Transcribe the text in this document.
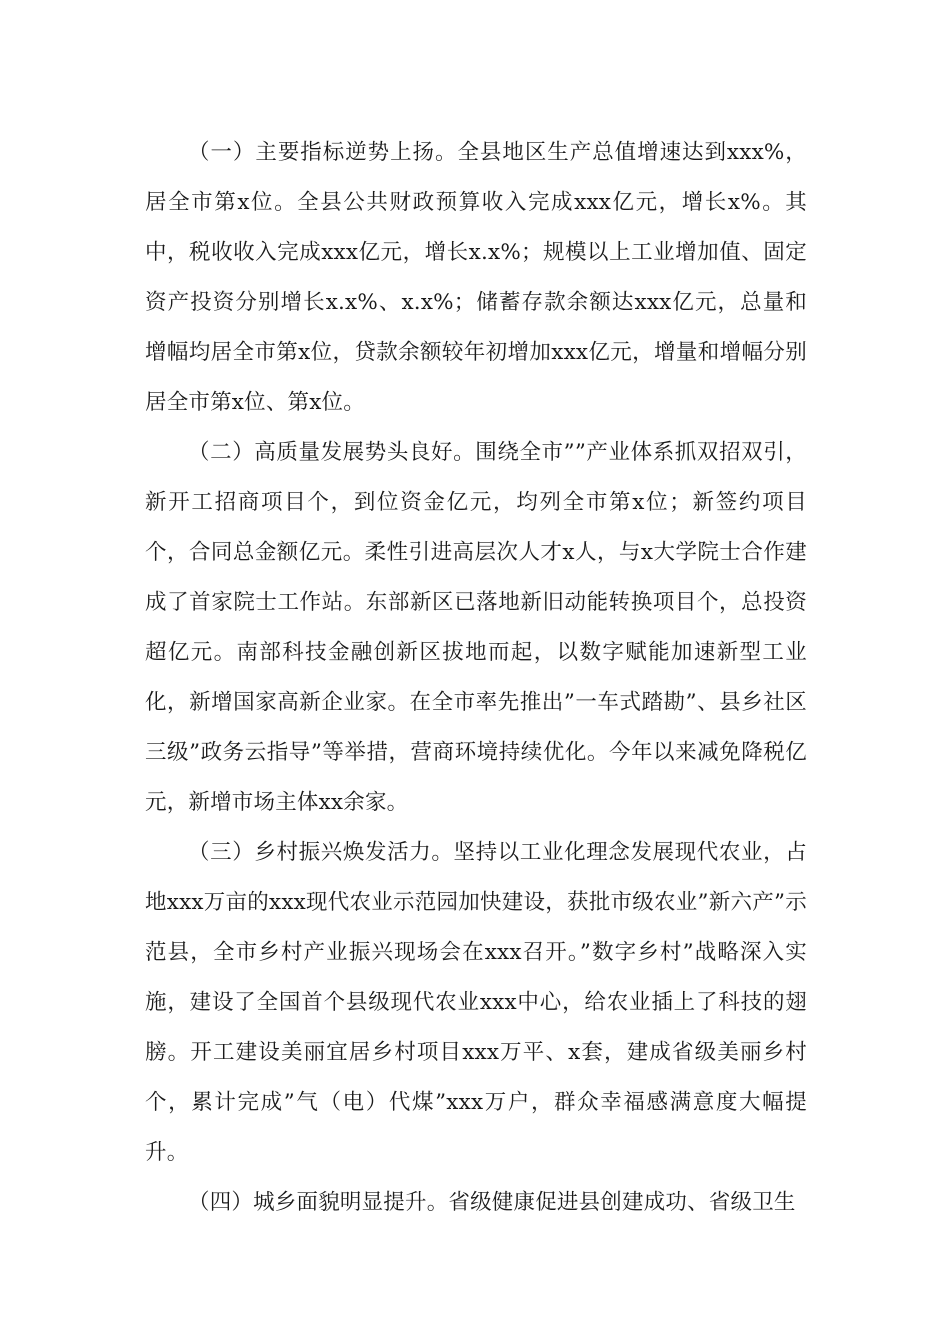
（一）主要指标逆势上扬。全县地区生产总值增速达到xxx%，居全市第x位。全县公共财政预算收入完成xxx亿元，增长x%。其中，税收收入完成xxx亿元，增长x.x%；规模以上工业增加值、固定资产投资分别增长x.x%、x.x%；储蓄存款余额达xxx亿元，总量和增幅均居全市第x位，贷款余额较年初增加xxx亿元，增量和增幅分别居全市第x位、第x位。

（二）高质量发展势头良好。围绕全市””产业体系抓双招双引，新开工招商项目个，到位资金亿元，均列全市第x位；新签约项目个，合同总金额亿元。柔性引进高层次人才x人，与x大学院士合作建成了首家院士工作站。东部新区已落地新旧动能转换项目个，总投资超亿元。南部科技金融创新区拔地而起，以数字赋能加速新型工业化，新增国家高新企业家。在全市率先推出”一车式踏勘”、县乡社区三级”政务云指导”等举措，营商环境持续优化。今年以来减免降税亿元，新增市场主体xx余家。

（三）乡村振兴焕发活力。坚持以工业化理念发展现代农业，占地xxx万亩的xxx现代农业示范园加快建设，获批市级农业”新六产”示范县，全市乡村产业振兴现场会在xxx召开。”数字乡村”战略深入实施，建设了全国首个县级现代农业xxx中心，给农业插上了科技的翅膀。开工建设美丽宜居乡村项目xxx万平、x套，建成省级美丽乡村个，累计完成”气（电）代煤”xxx万户，群众幸福感满意度大幅提升。

（四）城乡面貌明显提升。省级健康促进县创建成功、省级卫生
